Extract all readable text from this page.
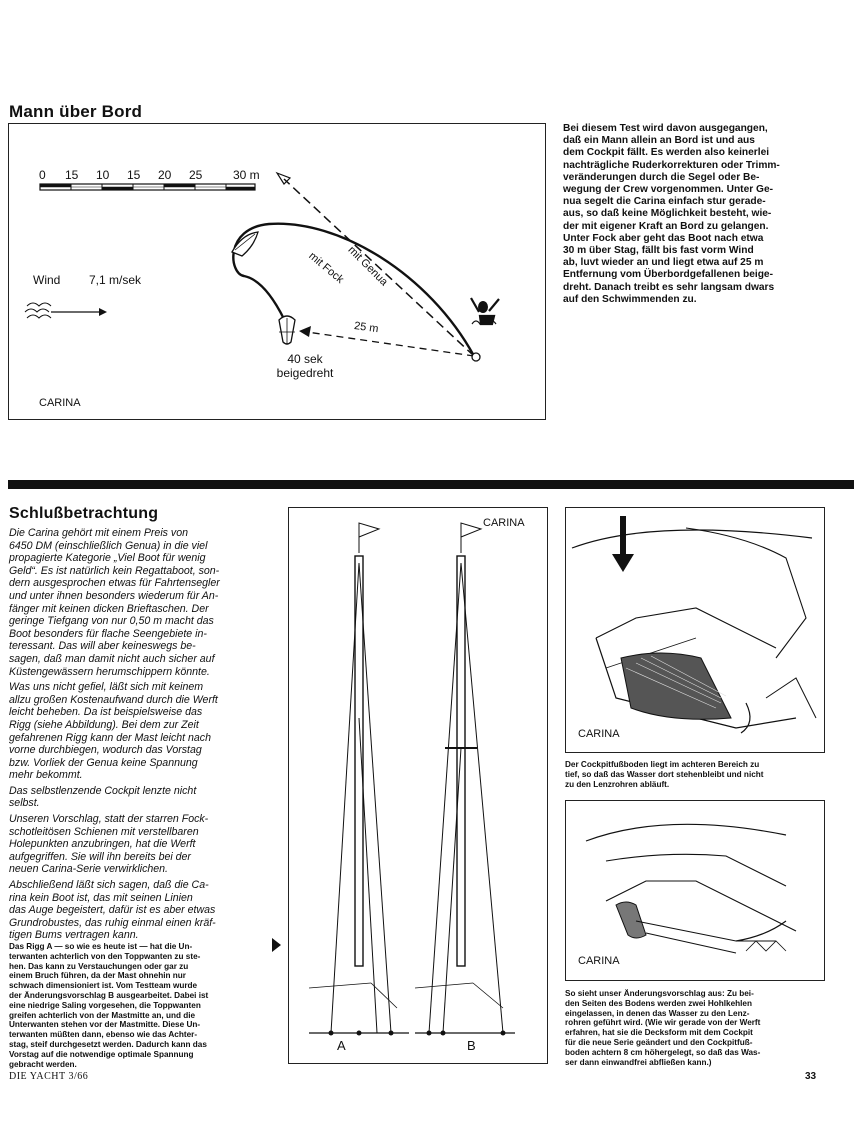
Mann über Bord
0 15 10 15 20 25	30 m
Wind 7,1 m/sek	mit Genua
mit Fock
25 m
40 sek
beigedreht
CARINA
Bei diesem Test wird davon ausgegangen,
daß ein Mann allein an Bord ist und aus
dem Cockpit fällt. Es werden also keinerlei
nachträgliche Ruderkorrekturen oder Trimm-
veränderungen durch die Segel oder Be-
wegung der Crew vorgenommen. Unter Ge-
nua segelt die Carina einfach stur gerade-
aus, so daß keine Möglichkeit besteht, wie-
der mit eigener Kraft an Bord zu gelangen.
Unter Fock aber geht das Boot nach etwa
30 m über Stag, fällt bis fast vorm Wind
ab, luvt wieder an und liegt etwa auf 25 m
Entfernung vom Überbordgefallenen beige-
dreht. Danach treibt es sehr langsam dwars
auf den Schwimmenden zu.
Schlußbetrachtung

Die Carina gehört mit einem Preis von
6450 DM (einschließlich Genua) in die viel
propagierte Kategorie „Viel Boot für wenig
Geld“. Es ist natürlich kein Regattaboot, son-
dern ausgesprochen etwas für Fahrtensegler
und unter ihnen besonders wiederum für An-
fänger mit keinen dicken Brieftaschen. Der
geringe Tiefgang von nur 0,50 m macht das
Boot besonders für flache Seengebiete in-
teressant. Das will aber keineswegs be-
sagen, daß man damit nicht auch sicher auf
Küstengewässern herumschippern könnte.

Was uns nicht gefiel, läßt sich mit keinem
allzu großen Kostenaufwand durch die Werft
leicht beheben. Da ist beispielsweise das
Rigg (siehe Abbildung). Bei dem zur Zeit
gefahrenen Rigg kann der Mast leicht nach
vorne durchbiegen, wodurch das Vorstag
bzw. Vorliek der Genua keine Spannung
mehr bekommt.

Das selbstlenzende Cockpit lenzte nicht
selbst.

Unseren Vorschlag, statt der starren Fock-
schotleitösen Schienen mit verstellbaren
Holepunkten anzubringen, hat die Werft
aufgegriffen. Sie will ihn bereits bei der
neuen Carina-Serie verwirklichen.

Abschließend läßt sich sagen, daß die Ca-
rina kein Boot ist, das mit seinen Linien
das Auge begeistert, dafür ist es aber etwas
Grundrobustes, das ruhig einmal einen kräf-
tigen Bums vertragen kann.

Das Rigg A — so wie es heute ist — hat die Un-
terwanten achterlich von den Toppwanten zu ste-
hen. Das kann zu Verstauchungen oder gar zu
einem Bruch führen, da der Mast ohnehin nur
schwach dimensioniert ist. Vom Testteam wurde
der Änderungsvorschlag B ausgearbeitet. Dabei ist
eine niedrige Saling vorgesehen, die Toppwanten
greifen achterlich von der Mastmitte an, und die
Unterwanten stehen vor der Mastmitte. Diese Un-
terwanten müßten dann, ebenso wie das Achter-
stag, steif durchgesetzt werden. Dadurch kann das
Vorstag auf die notwendige optimale Spannung
gebracht werden.
CARINA
A	B
CARINA
Der Cockpitfußboden liegt im achteren Bereich zu
tief, so daß das Wasser dort stehenbleibt und nicht
zu den Lenzrohren abläuft.
CARINA
So sieht unser Änderungsvorschlag aus: Zu bei-
den Seiten des Bodens werden zwei Hohlkehlen
eingelassen, in denen das Wasser zu den Lenz-
rohren geführt wird. (Wie wir gerade von der Werft
erfahren, hat sie die Decksform mit dem Cockpit
für die neue Serie geändert und den Cockpitfuß-
boden achtern 8 cm höhergelegt, so daß das Was-
ser dann einwandfrei abfließen kann.)
DIE YACHT 3/66	33
